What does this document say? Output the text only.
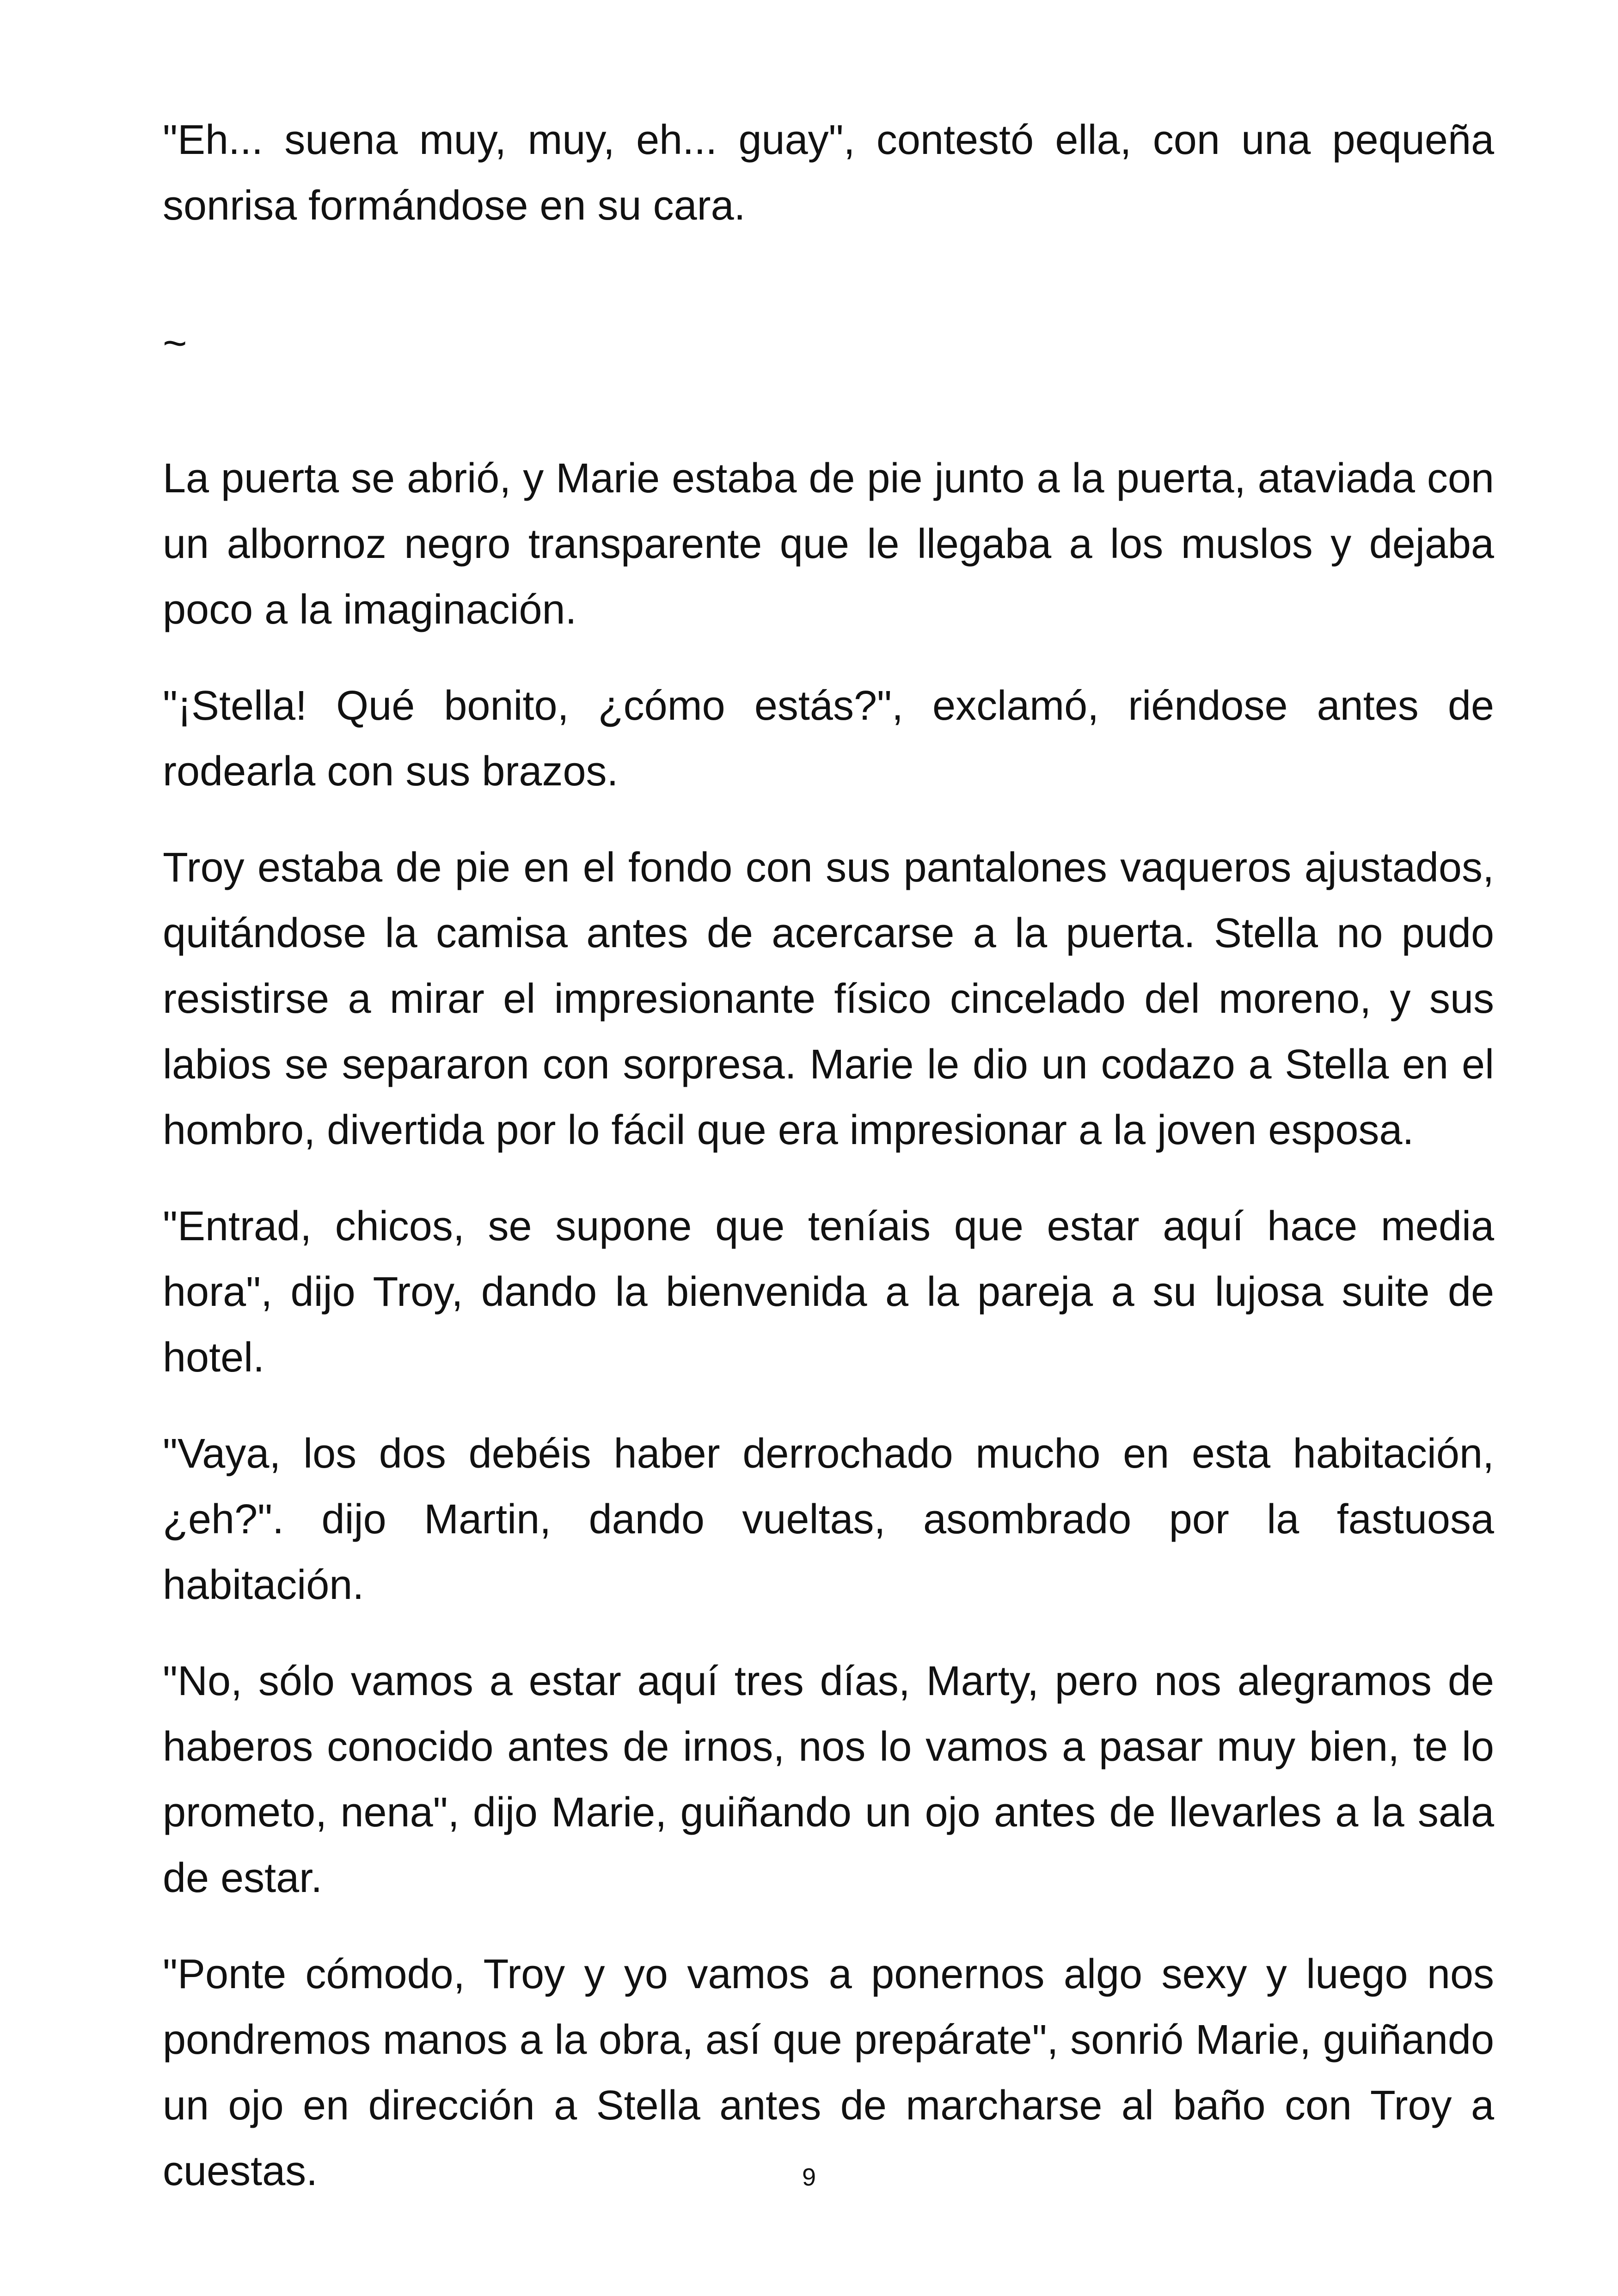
"Eh... suena muy, muy, eh... guay", contestó ella, con una pequeña sonrisa formándose en su cara.

~

La puerta se abrió, y Marie estaba de pie junto a la puerta, ataviada con un albornoz negro transparente que le llegaba a los muslos y dejaba poco a la imaginación.

"¡Stella! Qué bonito, ¿cómo estás?", exclamó, riéndose antes de rodearla con sus brazos.

Troy estaba de pie en el fondo con sus pantalones vaqueros ajustados, quitándose la camisa antes de acercarse a la puerta. Stella no pudo resistirse a mirar el impresionante físico cincelado del moreno, y sus labios se separaron con sorpresa. Marie le dio un codazo a Stella en el hombro, divertida por lo fácil que era impresionar a la joven esposa.

"Entrad, chicos, se supone que teníais que estar aquí hace media hora", dijo Troy, dando la bienvenida a la pareja a su lujosa suite de hotel.

"Vaya, los dos debéis haber derrochado mucho en esta habitación, ¿eh?". dijo Martin, dando vueltas, asombrado por la fastuosa habitación.

"No, sólo vamos a estar aquí tres días, Marty, pero nos alegramos de haberos conocido antes de irnos, nos lo vamos a pasar muy bien, te lo prometo, nena", dijo Marie, guiñando un ojo antes de llevarles a la sala de estar.

"Ponte cómodo, Troy y yo vamos a ponernos algo sexy y luego nos pondremos manos a la obra, así que prepárate", sonrió Marie, guiñando un ojo en dirección a Stella antes de marcharse al baño con Troy a cuestas.	9
